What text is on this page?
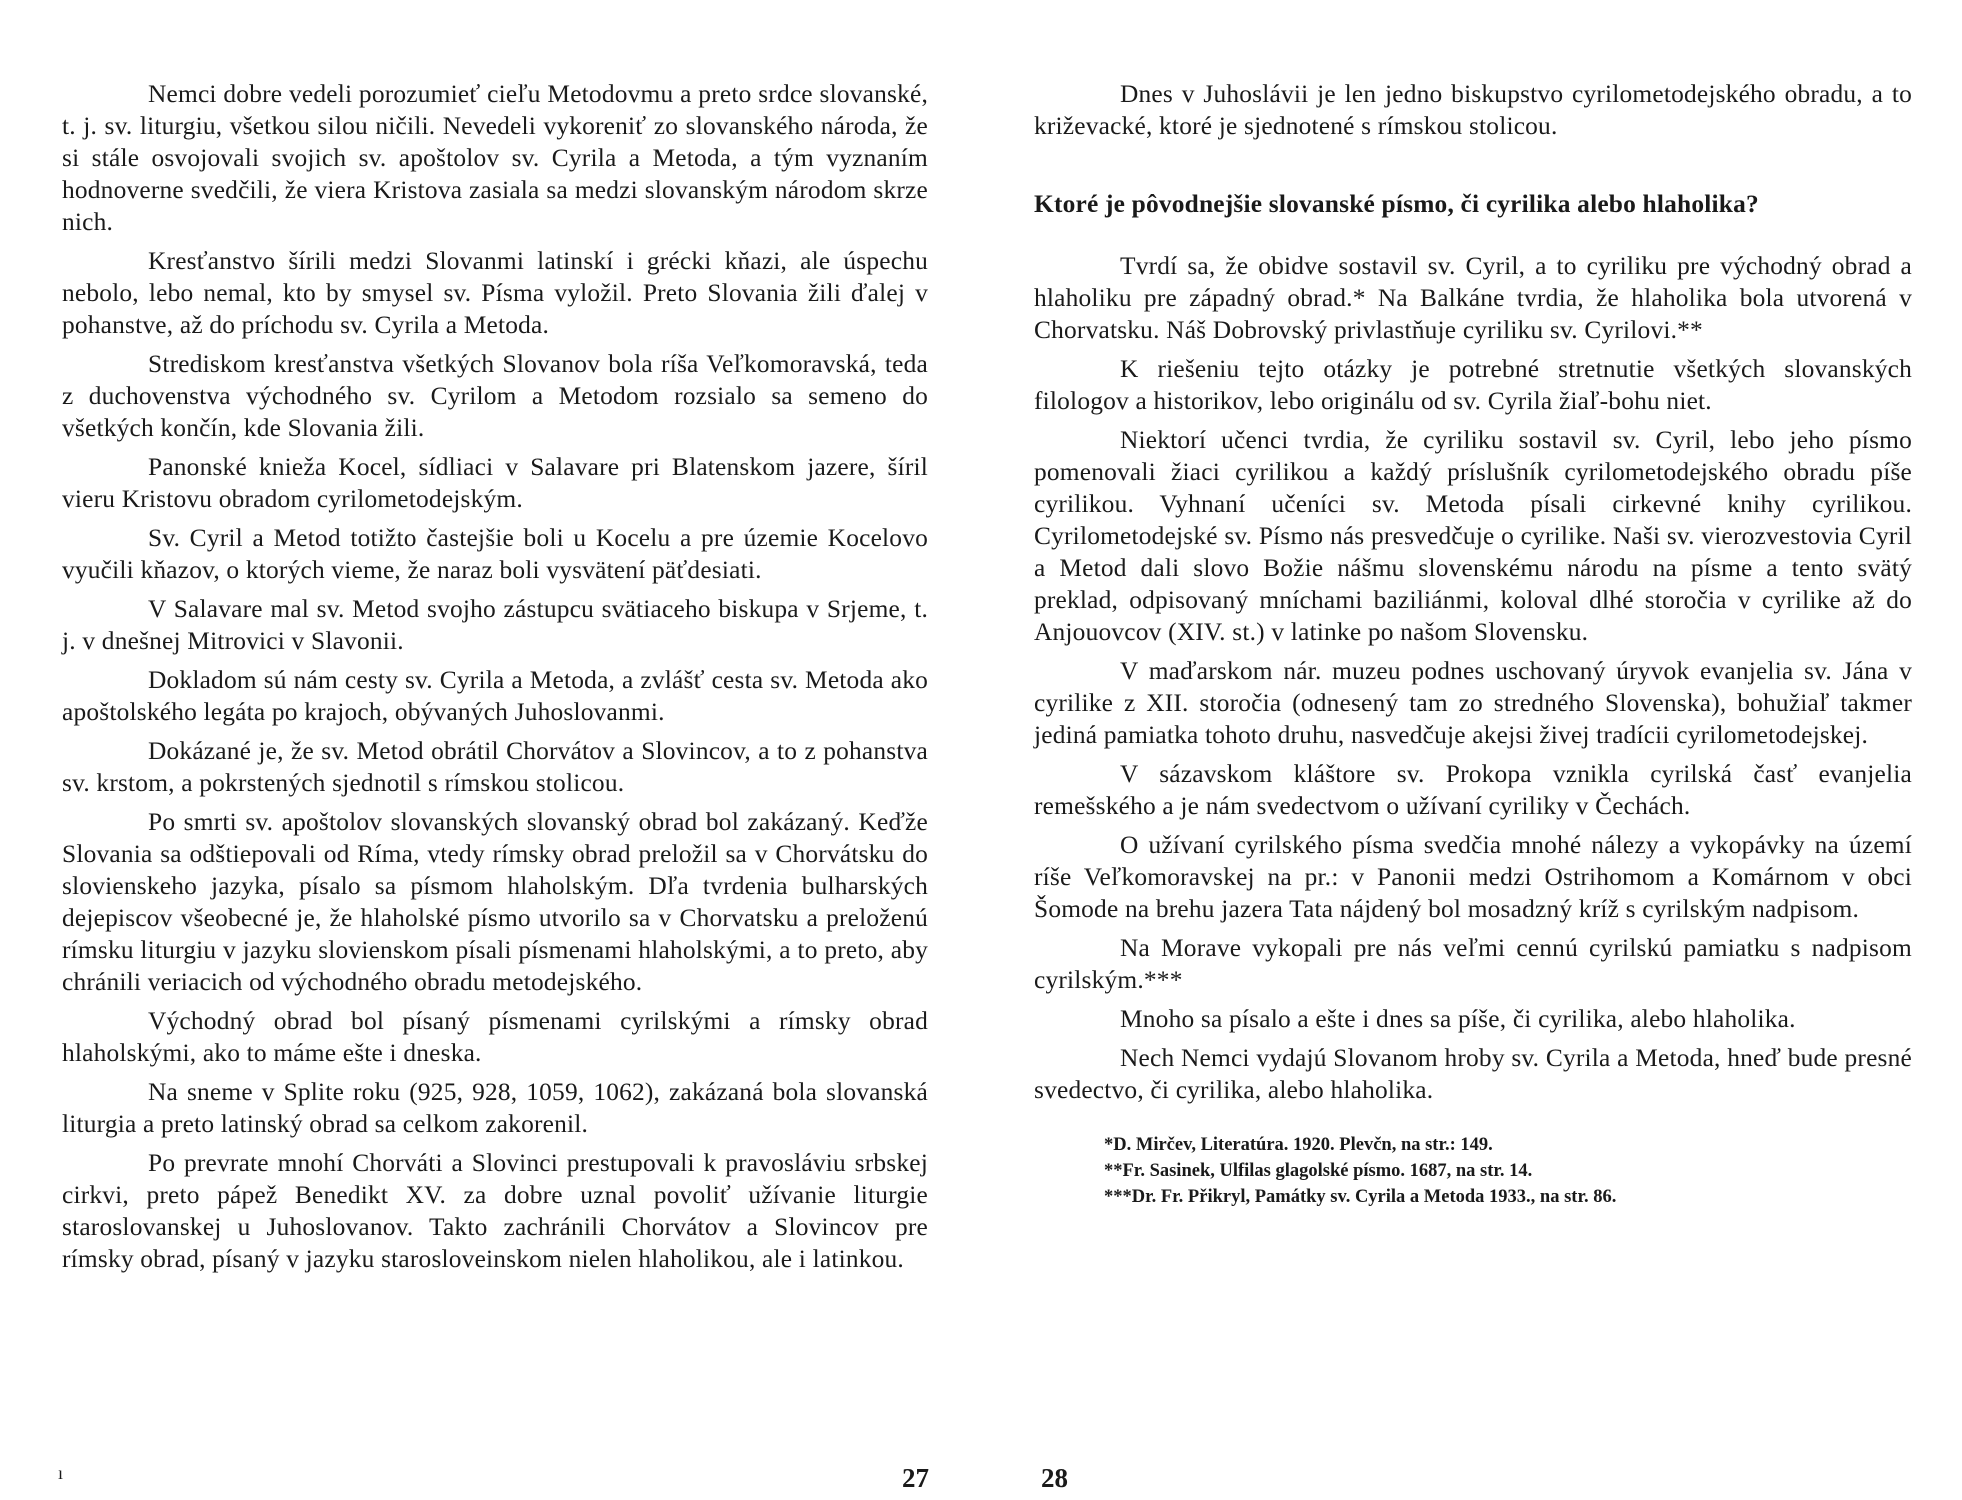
Nemci dobre vedeli porozumieť cieľu Metodovmu a preto srdce slovanské, t. j. sv. liturgiu, všetkou silou ničili. Nevedeli vykoreniť zo slovanského národa, že si stále osvojovali svojich sv. apoštolov sv. Cyrila a Metoda, a tým vyznaním hodnoverne svedčili, že viera Kristova zasiala sa medzi slovanským národom skrze nich.

Kresťanstvo šírili medzi Slovanmi latinskí i grécki kňazi, ale úspechu nebolo, lebo nemal, kto by smysel sv. Písma vyložil. Preto Slovania žili ďalej v pohanstve, až do príchodu sv. Cyrila a Metoda.

Strediskom kresťanstva všetkých Slovanov bola ríša Veľkomoravská, teda z duchovenstva východného sv. Cyrilom a Metodom rozsialo sa semeno do všetkých končín, kde Slovania žili.

Panonské knieža Kocel, sídliaci v Salavare pri Blatenskom jazere, šíril vieru Kristovu obradom cyrilometodejským.

Sv. Cyril a Metod totižto častejšie boli u Kocelu a pre územie Kocelovo vyučili kňazov, o ktorých vieme, že naraz boli vysvätení päťdesiati.

V Salavare mal sv. Metod svojho zástupcu svätiaceho biskupa v Srjeme, t. j. v dnešnej Mitrovici v Slavonii.

Dokladom sú nám cesty sv. Cyrila a Metoda, a zvlášť cesta sv. Metoda ako apoštolského legáta po krajoch, obývaných Juhoslovanmi.

Dokázané je, že sv. Metod obrátil Chorvátov a Slovincov, a to z pohanstva sv. krstom, a pokrstených sjednotil s rímskou stolicou.

Po smrti sv. apoštolov slovanských slovanský obrad bol zakázaný. Keďže Slovania sa odštiepovali od Ríma, vtedy rímsky obrad preložil sa v Chorvátsku do slovienskeho jazyka, písalo sa písmom hlaholským. Dľa tvrdenia bulharských dejepiscov všeobecné je, že hlaholské písmo utvorilo sa v Chorvatsku a preloženú rímsku liturgiu v jazyku slovienskom písali písmenami hlaholskými, a to preto, aby chránili veriacich od východného obradu metodejského.

Východný obrad bol písaný písmenami cyrilskými a rímsky obrad hlaholskými, ako to máme ešte i dneska.

Na sneme v Splite roku (925, 928, 1059, 1062), zakázaná bola slovanská liturgia a preto latinský obrad sa celkom zakorenil.

Po prevrate mnohí Chorváti a Slovinci prestupovali k pravosláviu srbskej cirkvi, preto pápež Benedikt XV. za dobre uznal povoliť užívanie liturgie staroslovanskej u Juhoslovanov. Takto zachránili Chorvátov a Slovincov pre rímsky obrad, písaný v jazyku starosloveinskom nielen hlaholikou, ale i latinkou.

ı	27

Dnes v Juhoslávii je len jedno biskupstvo cyrilometodejského obradu, a to križevacké, ktoré je sjednotené s rímskou stolicou.

Ktoré je pôvodnejšie slovanské písmo, či cyrilika alebo hlaholika?

Tvrdí sa, že obidve sostavil sv. Cyril, a to cyriliku pre východný obrad a hlaholiku pre západný obrad.* Na Balkáne tvrdia, že hlaholika bola utvorená v Chorvatsku. Náš Dobrovský privlastňuje cyriliku sv. Cyrilovi.**

K riešeniu tejto otázky je potrebné stretnutie všetkých slovanských filologov a historikov, lebo originálu od sv. Cyrila žiaľ-bohu niet.

Niektorí učenci tvrdia, že cyriliku sostavil sv. Cyril, lebo jeho písmo pomenovali žiaci cyrilikou a každý príslušník cyrilometodejského obradu píše cyrilikou. Vyhnaní učeníci sv. Metoda písali cirkevné knihy cyrilikou. Cyrilometodejské sv. Písmo nás presvedčuje o cyrilike. Naši sv. vierozvestovia Cyril a Metod dali slovo Božie nášmu slovenskému národu na písme a tento svätý preklad, odpisovaný mníchami baziliánmi, koloval dlhé storočia v cyrilike až do Anjouovcov (XIV. st.) v latinke po našom Slovensku.

V maďarskom nár. muzeu podnes uschovaný úryvok evanjelia sv. Jána v cyrilike z XII. storočia (odnesený tam zo stredného Slovenska), bohužiaľ takmer jediná pamiatka tohoto druhu, nasvedčuje akejsi živej tradícii cyrilometodejskej.

V sázavskom kláštore sv. Prokopa vznikla cyrilská časť evanjelia remešského a je nám svedectvom o užívaní cyriliky v Čechách.

O užívaní cyrilského písma svedčia mnohé nálezy a vykopávky na území ríše Veľkomoravskej na pr.: v Panonii medzi Ostrihomom a Komárnom v obci Šomode na brehu jazera Tata nájdený bol mosadzný kríž s cyrilským nadpisom.

Na Morave vykopali pre nás veľmi cennú cyrilskú pamiatku s nadpisom cyrilským.***

Mnoho sa písalo a ešte i dnes sa píše, či cyrilika, alebo hlaholika.

Nech Nemci vydajú Slovanom hroby sv. Cyrila a Metoda, hneď bude presné svedectvo, či cyrilika, alebo hlaholika.

*D. Mirčev, Literatúra. 1920. Plevčn, na str.: 149.

**Fr. Sasinek, Ulfilas glagolské písmo. 1687, na str. 14.

***Dr. Fr. Přikryl, Památky sv. Cyrila a Metoda 1933., na str. 86.

28
